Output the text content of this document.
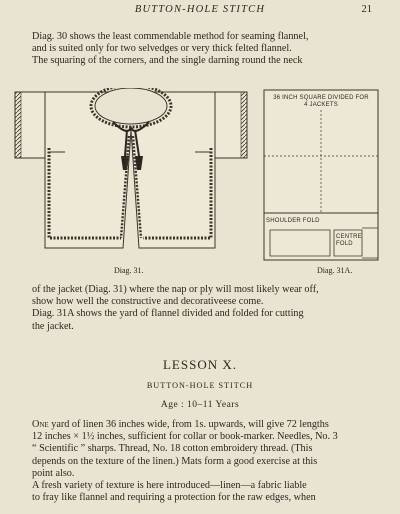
BUTTON-HOLE STITCH	21
Diag. 30 shows the least commendable method for seaming flannel,
and is suited only for two selvedges or very thick felted flannel.
The squaring of the corners, and the single darning round the neck
36 INCH SQUARE DIVIDED FOR
4 JACKETS
SHOULDER FOLD
CENTRE
FOLD
Diag. 31.	Diag. 31A.
of the jacket (Diag. 31) where the nap or ply will most likely wear off,
show how well the constructive and decorativeese come.
Diag. 31A shows the yard of flannel divided and folded for cutting
the jacket.
LESSON X.
BUTTON-HOLE STITCH
Age : 10–11 Years
One yard of linen 36 inches wide, from 1s. upwards, will give 72 lengths
12 inches × 1½ inches, sufficient for collar or book-marker. Needles, No. 3
“ Scientific ” sharps. Thread, No. 18 cotton embroidery thread. (This
depends on the texture of the linen.) Mats form a good exercise at this
point also.
A fresh variety of texture is here introduced—linen—a fabric liable
to fray like flannel and requiring a protection for the raw edges, when
